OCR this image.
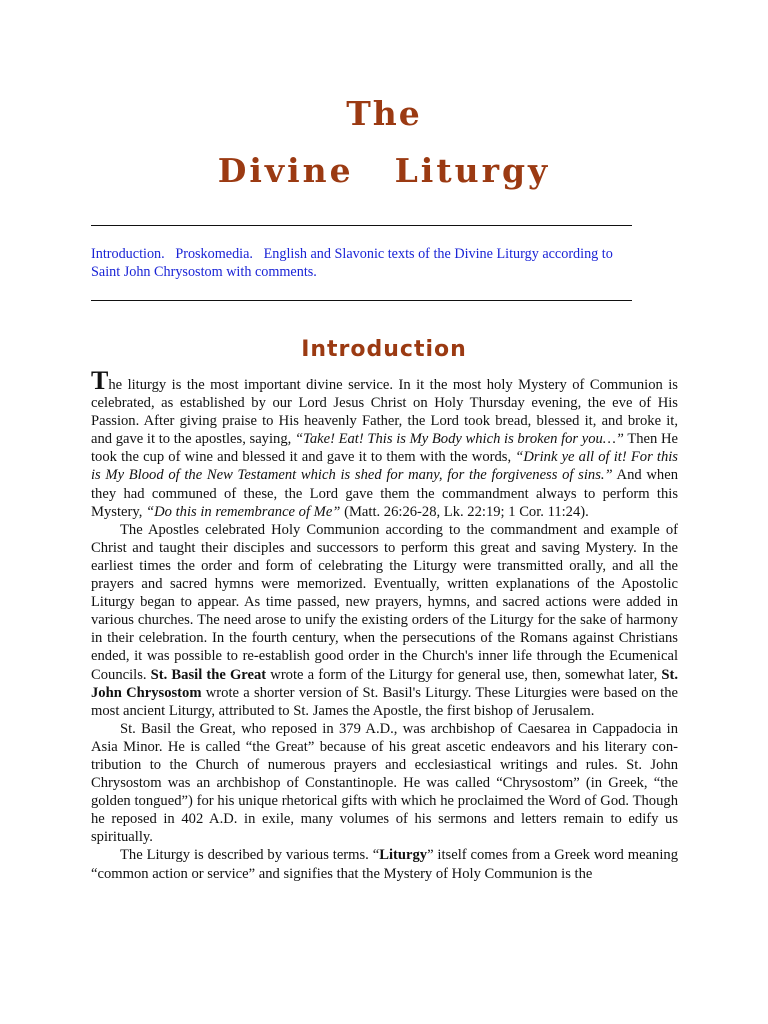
The
Divine  Liturgy
Introduction. Proskomedia. English and Slavonic texts of the Divine Liturgy according to Saint John Chrysostom with comments.
Introduction

The liturgy is the most important divine service. In it the most holy Mystery of Communion is celebrated, as established by our Lord Jesus Christ on Holy Thursday evening, the eve of His Passion. After giving praise to His heavenly Father, the Lord took bread, blessed it, and broke it, and gave it to the apostles, saying, “Take! Eat! This is My Body which is broken for you…” Then He took the cup of wine and blessed it and gave it to them with the words, “Drink ye all of it! For this is My Blood of the New Testament which is shed for many, for the forgiveness of sins.” And when they had communed of these, the Lord gave them the commandment always to perform this Mystery, “Do this in remembrance of Me” (Matt. 26:26-28, Lk. 22:19; 1 Cor. 11:24).

The Apostles celebrated Holy Communion according to the commandment and example of Christ and taught their disciples and successors to perform this great and saving Mystery. In the earliest times the order and form of celebrating the Liturgy were transmitted orally, and all the prayers and sacred hymns were memorized. Eventually, written explanations of the Apostolic Liturgy began to appear. As time passed, new prayers, hymns, and sacred actions were added in various churches. The need arose to unify the existing orders of the Liturgy for the sake of harmony in their celebration. In the fourth century, when the persecutions of the Romans against Christians ended, it was possible to re-establish good order in the Church's inner life through the Ecumenical Councils. St. Basil the Great wrote a form of the Liturgy for general use, then, somewhat later, St. John Chrysostom wrote a shorter version of St. Basil's Liturgy. These Liturgies were based on the most ancient Liturgy, attributed to St. James the Apostle, the first bishop of Jerusalem.

St. Basil the Great, who reposed in 379 A.D., was archbishop of Caesarea in Cappadocia in Asia Minor. He is called “the Great” because of his great ascetic endeavors and his literary contribution to the Church of numerous prayers and ecclesiastical writings and rules. St. John Chrysostom was an archbishop of Constantinople. He was called “Chrysostom” (in Greek, “the golden tongued”) for his unique rhetorical gifts with which he proclaimed the Word of God. Though he reposed in 402 A.D. in exile, many volumes of his sermons and letters remain to edify us spiritually.

The Liturgy is described by various terms. “Liturgy” itself comes from a Greek word meaning “common action or service” and signifies that the Mystery of Holy Communion is the
